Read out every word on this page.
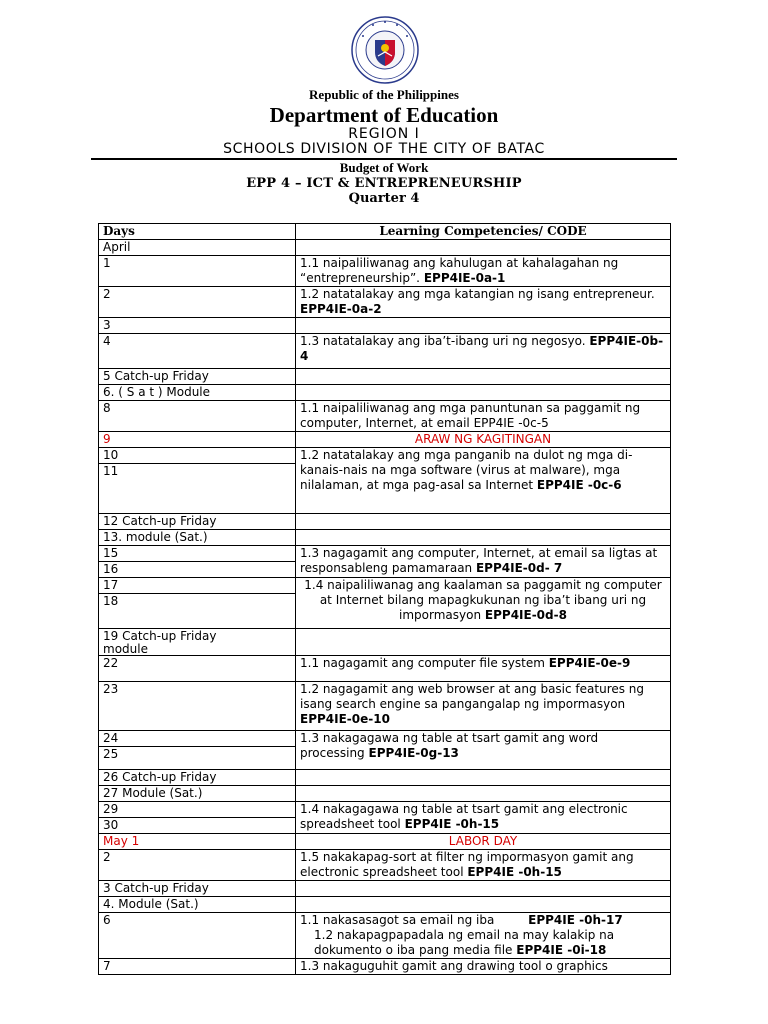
Republic of the Philippines
Department of Education
REGION I
SCHOOLS DIVISION OF THE CITY OF BATAC
Budget of Work
EPP 4 – ICT & ENTREPRENEURSHIP
Quarter 4
Days	Learning Competencies/ CODE
April	
1	1.1 naipaliliwanag ang kahulugan at kahalagahan ng “entrepreneurship”. EPP4IE-0a-1
2	1.2 natatalakay ang mga katangian ng isang entrepreneur. EPP4IE-0a-2
3	
4	1.3 natatalakay ang iba’t-ibang uri ng negosyo. EPP4IE-0b-4
5 Catch-up Friday	
6. ( S a t ) Module	
8	1.1 naipaliliwanag ang mga panuntunan sa paggamit ng computer, Internet, at email EPP4IE -0c-5
9	ARAW NG KAGITINGAN
10	1.2 natatalakay ang mga panganib na dulot ng mga di-kanais-nais na mga software (virus at malware), mga nilalaman, at mga pag-asal sa Internet EPP4IE -0c-6
11	
12 Catch-up Friday	
13. module (Sat.)	
15	1.3 nagagamit ang computer, Internet, at email sa ligtas at responsableng pamamaraan EPP4IE-0d- 7
16	
17	1.4 naipaliliwanag ang kaalaman sa paggamit ng computer at Internet bilang mapagkukunan ng iba’t ibang uri ng impormasyon EPP4IE-0d-8
18	

19 Catch-up Friday
module	

22	1.1 nagagamit ang computer file system EPP4IE-0e-9
23	1.2 nagagamit ang web browser at ang basic features ng isang search engine sa pangangalap ng impormasyon EPP4IE-0e-10
24	1.3 nakagagawa ng table at tsart gamit ang word processing EPP4IE-0g-13
25	
26 Catch-up Friday	
27 Module (Sat.)	
29	1.4 nakagagawa ng table at tsart gamit ang electronic spreadsheet tool EPP4IE -0h-15
30	
May 1	LABOR DAY
2	1.5 nakakapag-sort at filter ng impormasyon gamit ang electronic spreadsheet tool EPP4IE -0h-15
3 Catch-up Friday	
4. Module (Sat.)	
6	1.1 nakasasagot sa email ng iba EPP4IE -0h-17
1.2 nakapagpapadala ng email na may kalakip na dokumento o iba pang media file EPP4IE -0i-18

7	1.3 nakaguguhit gamit ang drawing tool o graphics
